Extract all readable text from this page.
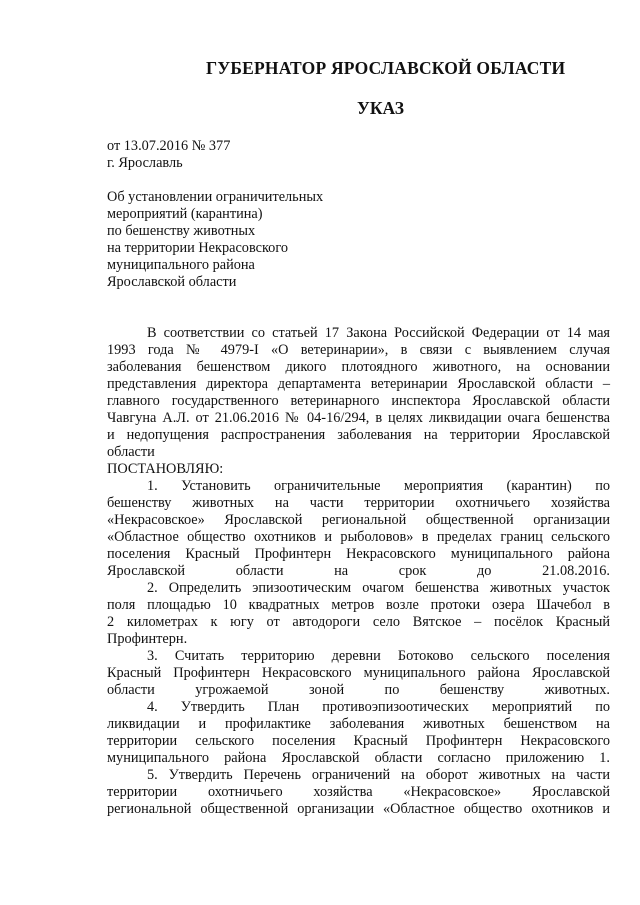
ГУБЕРНАТОР ЯРОСЛАВСКОЙ ОБЛАСТИ
УКАЗ
от 13.07.2016 № 377
г. Ярославль
Об установлении ограничительных
мероприятий (карантина)
по бешенству животных
на территории Некрасовского
муниципального района
Ярославской области
В соответствии со статьей 17 Закона Российской Федерации от 14 мая
1993 года № 4979-I «О ветеринарии», в связи с выявлением случая
заболевания бешенством дикого плотоядного животного, на основании
представления директора департамента ветеринарии Ярославской области –
главного государственного ветеринарного инспектора Ярославской области
Чавгуна А.Л. от 21.06.2016 № 04-16/294, в целях ликвидации очага бешенства
и недопущения распространения заболевания на территории Ярославской
области
ПОСТАНОВЛЯЮ:
1. Установить ограничительные мероприятия (карантин) по
бешенству животных на части территории охотничьего хозяйства
«Некрасовское» Ярославской региональной общественной организации
«Областное общество охотников и рыболовов» в пределах границ сельского
поселения Красный Профинтерн Некрасовского муниципального района
Ярославской области на срок до 21.08.2016.
2. Определить эпизоотическим очагом бешенства животных участок
поля площадью 10 квадратных метров возле протоки озера Шачебол в
2 километрах к югу от автодороги село Вятское – посёлок Красный
Профинтерн.
3. Считать территорию деревни Ботоково сельского поселения
Красный Профинтерн Некрасовского муниципального района Ярославской
области угрожаемой зоной по бешенству животных.
4. Утвердить План противоэпизоотических мероприятий по
ликвидации и профилактике заболевания животных бешенством на
территории сельского поселения Красный Профинтерн Некрасовского
муниципального района Ярославской области согласно приложению 1.
5. Утвердить Перечень ограничений на оборот животных на части
территории охотничьего хозяйства «Некрасовское» Ярославской
региональной общественной организации «Областное общество охотников и
